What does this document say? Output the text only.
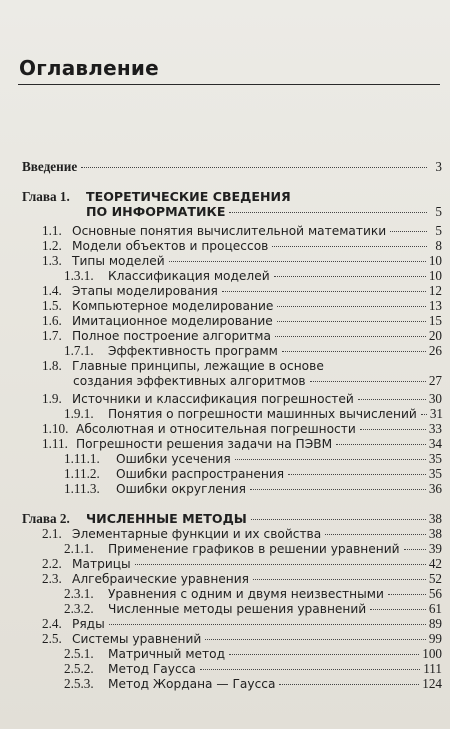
Оглавление
Введение	3
Глава 1.	ТЕОРЕТИЧЕСКИЕ СВЕДЕНИЯ
ПО ИНФОРМАТИКЕ	5
1.1. Основные понятия вычислительной математики	5
1.2. Модели объектов и процессов	8
1.3. Типы моделей	10
1.3.1.	Классификация моделей	10
1.4. Этапы моделирования	12
1.5. Компьютерное моделирование	13
1.6. Имитационное моделирование	15
1.7. Полное построение алгоритма	20
1.7.1.	Эффективность программ	26
1.8. Главные принципы, лежащие в основе
создания эффективных алгоритмов	27
1.9. Источники и классификация погрешностей	30
1.9.1.	Понятия о погрешности машинных вычислений 31
1.10. Абсолютная и относительная погрешности	33
1.11. Погрешности решения задачи на ПЭВМ	34
1.11.1.	Ошибки усечения	35
1.11.2.	Ошибки распространения	35
1.11.3.	Ошибки округления	36
Глава 2.	ЧИСЛЕННЫЕ МЕТОДЫ	38
2.1. Элементарные функции и их свойства	38
2.1.1.	Применение графиков в решении уравнений 39
2.2. Матрицы	42
2.3. Алгебраические уравнения	52
2.3.1.	Уравнения с одним и двумя неизвестными	56
2.3.2.	Численные методы решения уравнений	61
2.4. Ряды	89
2.5. Системы уравнений	99
2.5.1.	Матричный метод	100
2.5.2.	Метод Гаусса	111
2.5.3.	Метод Жордана — Гаусса	124
